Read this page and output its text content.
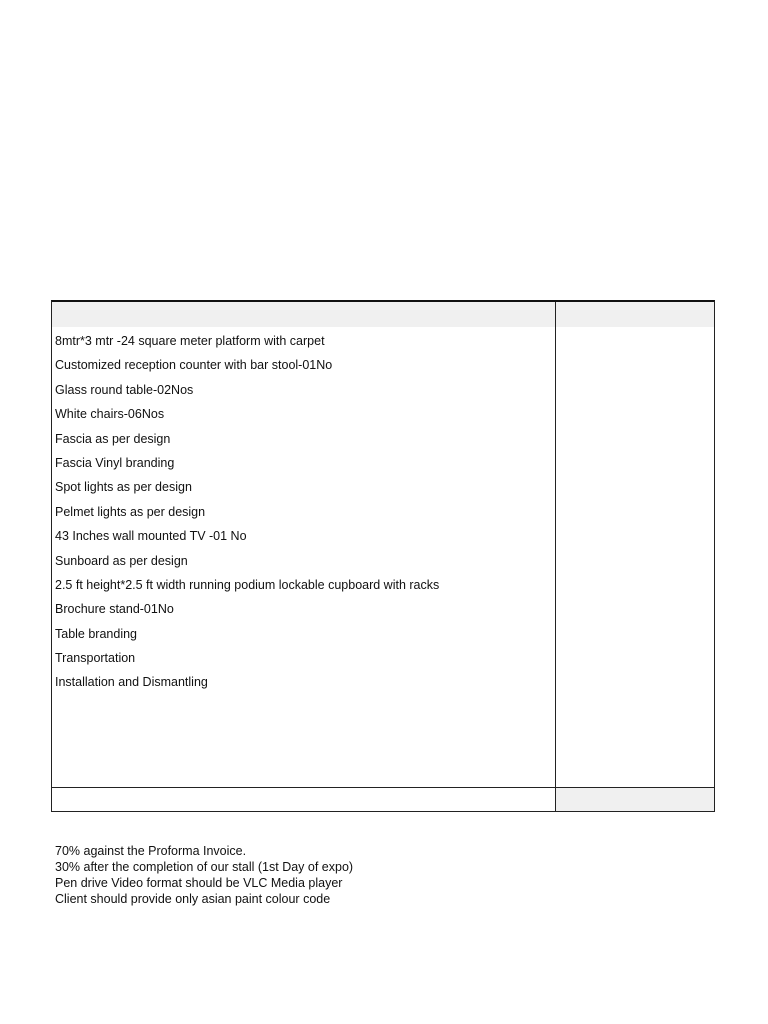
8mtr*3 mtr -24 square meter platform with carpet
Customized reception counter with bar stool-01No
Glass round table-02Nos
White chairs-06Nos
Fascia as per design
Fascia Vinyl branding
Spot lights as per design
Pelmet lights as per design
43 Inches wall mounted TV -01 No
Sunboard as per design
2.5 ft height*2.5 ft width running podium lockable cupboard with racks
Brochure stand-01No
Table branding
Transportation
Installation and Dismantling
70% against the Proforma Invoice.
30% after the completion of our stall (1st Day of expo)
Pen drive Video format should be VLC Media player
Client should provide only asian paint colour code
